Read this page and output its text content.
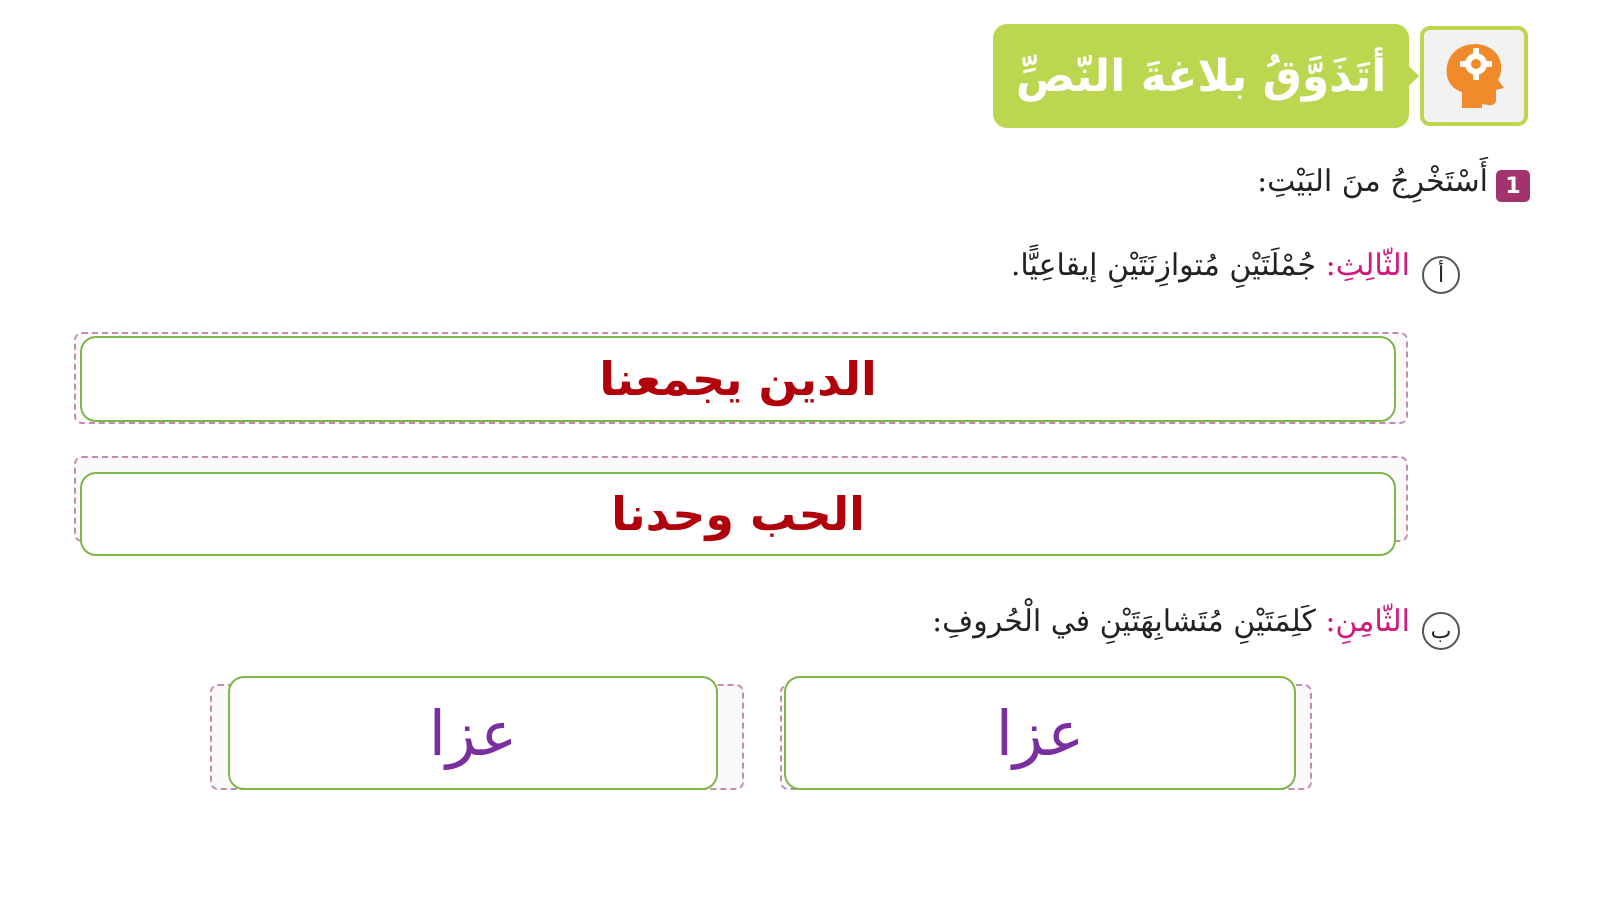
أتَذَوَّقُ بلاغةَ النّصِّ
1
أَسْتَخْرِجُ منَ البَيْتِ:
أ
الثّالِثِ: جُمْلَتَيْنِ مُتوازِنَتَيْنِ إيقاعِيًّا.
الدين يجمعنا
الحب وحدنا
ب
الثّامِنِ: كَلِمَتَيْنِ مُتَشابِهَتَيْنِ في الْحُروفِ:
عزا	عزا
